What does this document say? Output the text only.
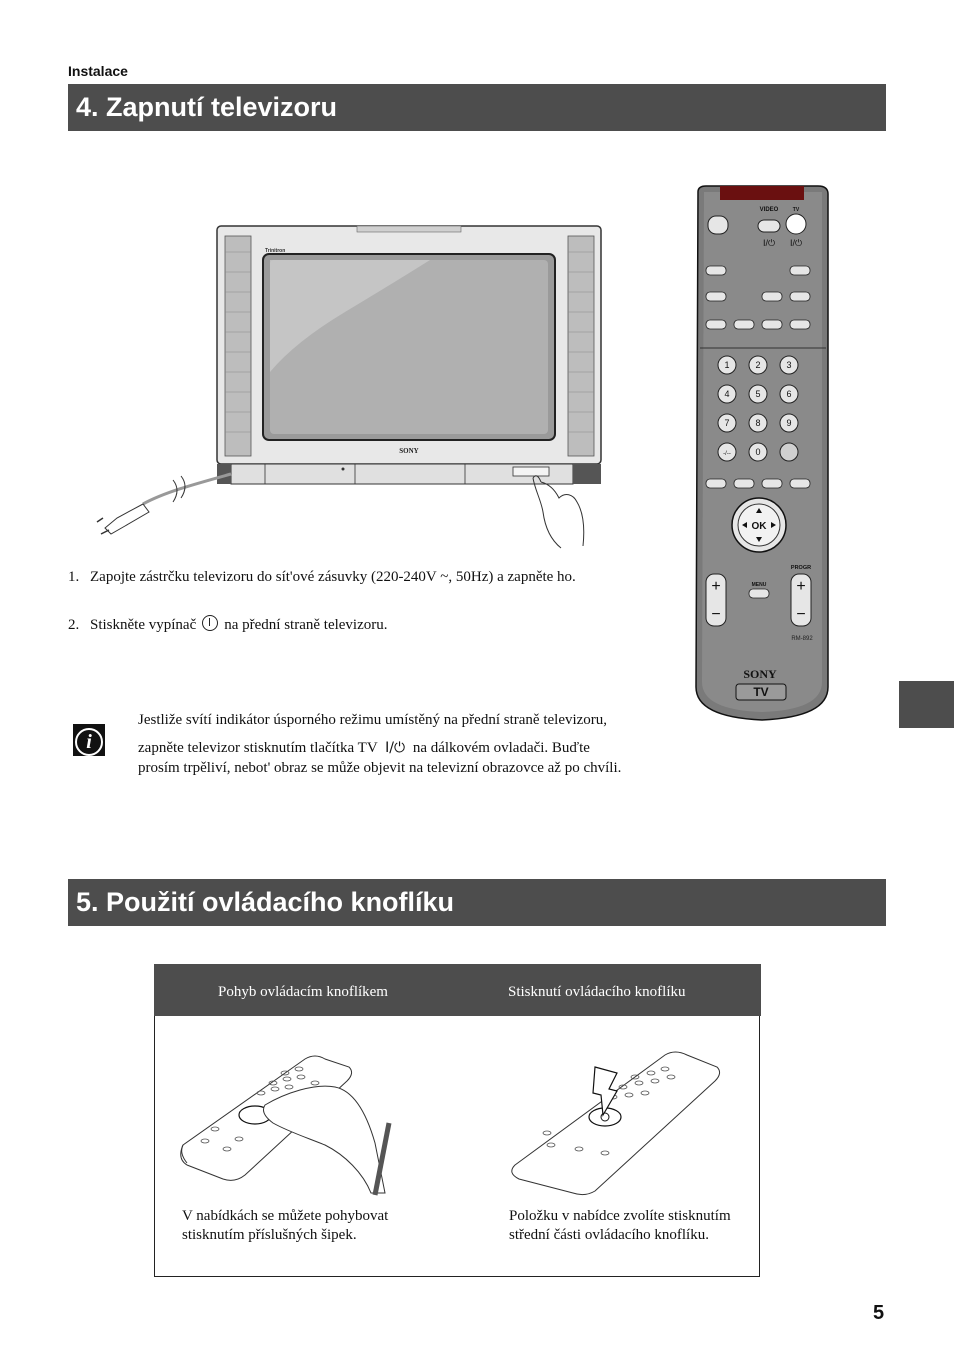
Instalace
4. Zapnutí televizoru
Trinitron
SONY
VIDEO	TV
I/⏻ I/⏻
1	2	3
4	5	6
7	8	9
-/--	0
OK
+
−
+
−
PROGR
MENU
RM-892
SONY
TV
1. Zapojte zástrčku televizoru do sít'ové zásuvky (220-240V ~, 50Hz) a zapněte ho.
2. Stiskněte vypínač na přední straně televizoru.
i
Jestliže svítí indikátor úsporného režimu umístěný na přední straně televizoru,
zapněte televizor stisknutím tlačítka TV I/⏻ na dálkovém ovladači. Buďte
prosím trpěliví, nebot' obraz se může objevit na televizní obrazovce až po chvíli.
5. Použití ovládacího knoflíku
Pohyb ovládacím knoflíkem	Stisknutí ovládacího knoflíku
V nabídkách se můžete pohybovat
stisknutím příslušných šipek.
Položku v nabídce zvolíte stisknutím
střední části ovládacího knoflíku.
5
